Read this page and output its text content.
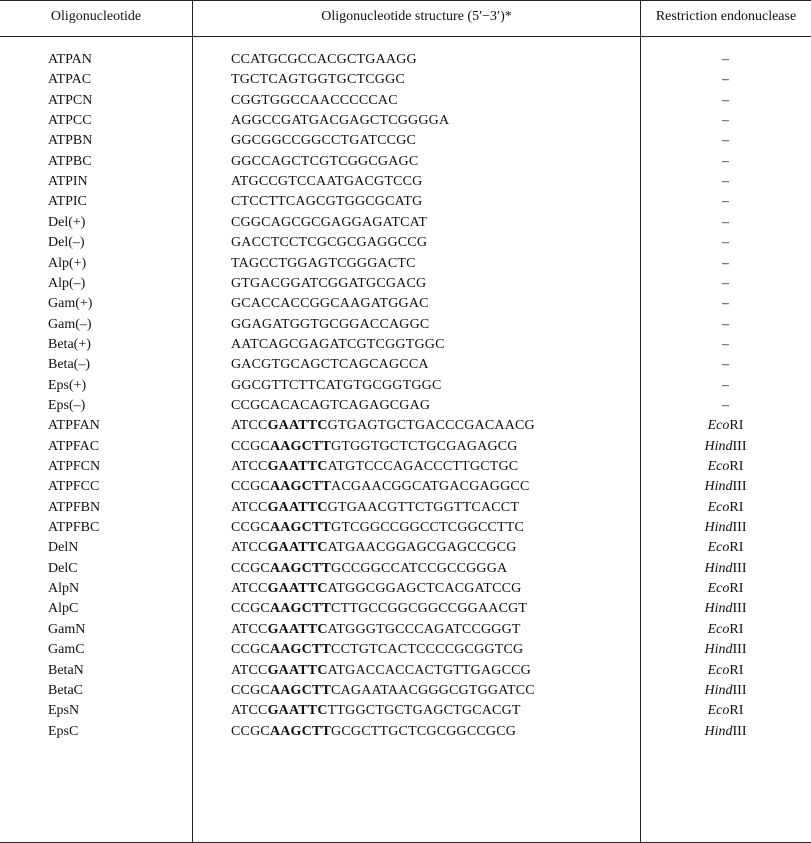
Oligonucleotide	Oligonucleotide structure (5′−3′)*	Restriction endonuclease
ATPAN	CCATGCGCCACGCTGAAGG	–
ATPAC	TGCTCAGTGGTGCTCGGC	–
ATPCN	CGGTGGCCAACCCCCAC	–
ATPCC	AGGCCGATGACGAGCTCGGGGA	–
ATPBN	GGCGGCCGGCCTGATCCGC	–
ATPBC	GGCCAGCTCGTCGGCGAGC	–
ATPIN	ATGCCGTCCAATGACGTCCG	–
ATPIC	CTCCTTCAGCGTGGCGCATG	–
Del(+)	CGGCAGCGCGAGGAGATCAT	–
Del(–)	GACCTCCTCGCGCGAGGCCG	–
Alp(+)	TAGCCTGGAGTCGGGACTC	–
Alp(–)	GTGACGGATCGGATGCGACG	–
Gam(+)	GCACCACCGGCAAGATGGAC	–
Gam(–)	GGAGATGGTGCGGACCAGGC	–
Beta(+)	AATCAGCGAGATCGTCGGTGGC	–
Beta(–)	GACGTGCAGCTCAGCAGCCA	–
Eps(+)	GGCGTTCTTCATGTGCGGTGGC	–
Eps(–)	CCGCACACAGTCAGAGCGAG	–
ATPFAN	ATCCGAATTCGTGAGTGCTGACCCGACAACG	EcoRI
ATPFAC	CCGCAAGCTTGTGGTGCTCTGCGAGAGCG	HindIII
ATPFCN	ATCCGAATTCATGTCCCAGACCCTTGCTGC	EcoRI
ATPFCC	CCGCAAGCTTACGAACGGCATGACGAGGCC	HindIII
ATPFBN	ATCCGAATTCGTGAACGTTCTGGTTCACCT	EcoRI
ATPFBC	CCGCAAGCTTGTCGGCCGGCCTCGGCCTTC	HindIII
DelN	ATCCGAATTCATGAACGGAGCGAGCCGCG	EcoRI
DelC	CCGCAAGCTTGCCGGCCATCCGCCGGGA	HindIII
AlpN	ATCCGAATTCATGGCGGAGCTCACGATCCG	EcoRI
AlpC	CCGCAAGCTTCTTGCCGGCGGCCGGAACGT	HindIII
GamN	ATCCGAATTCATGGGTGCCCAGATCCGGGT	EcoRI
GamC	CCGCAAGCTTCCTGTCACTCCCCGCGGTCG	HindIII
BetaN	ATCCGAATTCATGACCACCACTGTTGAGCCG	EcoRI
BetaC	CCGCAAGCTTCAGAATAACGGGCGTGGATCC	HindIII
EpsN	ATCCGAATTCTTGGCTGCTGAGCTGCACGT	EcoRI
EpsC	CCGCAAGCTTGCGCTTGCTCGCGGCCGCG	HindIII
